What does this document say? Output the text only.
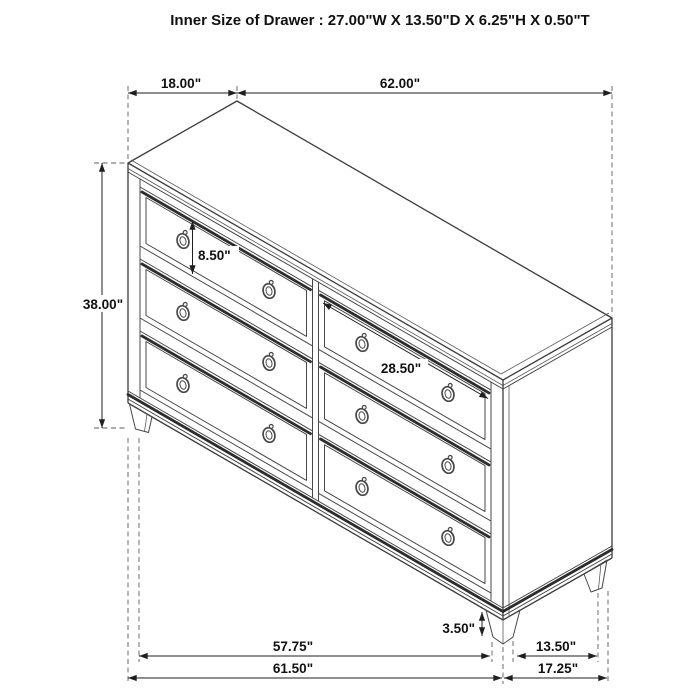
Inner Size of Drawer : 27.00"W X 13.50"D X 6.25"H X 0.50"T
18.00"	62.00"
38.00"
8.50"
28.50"
3.50"
57.75"
61.50"
13.50"
17.25"
